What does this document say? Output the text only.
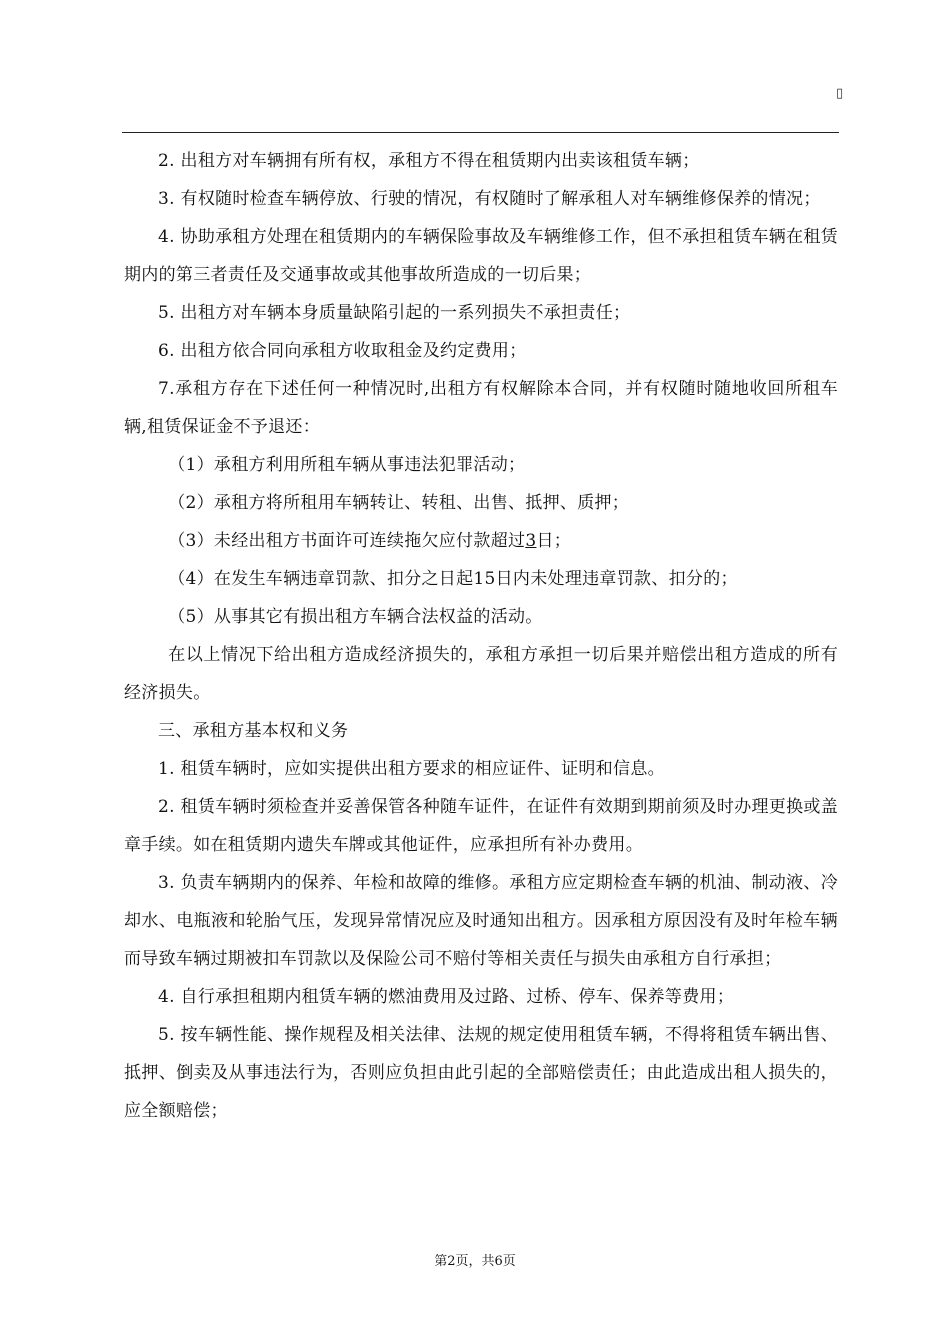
▯

2. 出租方对车辆拥有所有权，承租方不得在租赁期内出卖该租赁车辆；

3. 有权随时检查车辆停放、行驶的情况，有权随时了解承租人对车辆维修保养的情况；

4. 协助承租方处理在租赁期内的车辆保险事故及车辆维修工作，但不承担租赁车辆在租赁期内的第三者责任及交通事故或其他事故所造成的一切后果；

5. 出租方对车辆本身质量缺陷引起的一系列损失不承担责任；

6. 出租方依合同向承租方收取租金及约定费用；

7.承租方存在下述任何一种情况时,出租方有权解除本合同，并有权随时随地收回所租车辆,租赁保证金不予退还：

（1）承租方利用所租车辆从事违法犯罪活动；

（2）承租方将所租用车辆转让、转租、出售、抵押、质押；

（3）未经出租方书面许可连续拖欠应付款超过3日；

（4）在发生车辆违章罚款、扣分之日起15日内未处理违章罚款、扣分的；

（5）从事其它有损出租方车辆合法权益的活动。

在以上情况下给出租方造成经济损失的，承租方承担一切后果并赔偿出租方造成的所有经济损失。

三、承租方基本权和义务

1. 租赁车辆时，应如实提供出租方要求的相应证件、证明和信息。

2. 租赁车辆时须检查并妥善保管各种随车证件，在证件有效期到期前须及时办理更换或盖章手续。如在租赁期内遗失车牌或其他证件，应承担所有补办费用。

3. 负责车辆期内的保养、年检和故障的维修。承租方应定期检查车辆的机油、制动液、冷却水、电瓶液和轮胎气压，发现异常情况应及时通知出租方。因承租方原因没有及时年检车辆而导致车辆过期被扣车罚款以及保险公司不赔付等相关责任与损失由承租方自行承担；

4. 自行承担租期内租赁车辆的燃油费用及过路、过桥、停车、保养等费用；

5. 按车辆性能、操作规程及相关法律、法规的规定使用租赁车辆，不得将租赁车辆出售、抵押、倒卖及从事违法行为，否则应负担由此引起的全部赔偿责任；由此造成出租人损失的，应全额赔偿；

第2页，共6页
